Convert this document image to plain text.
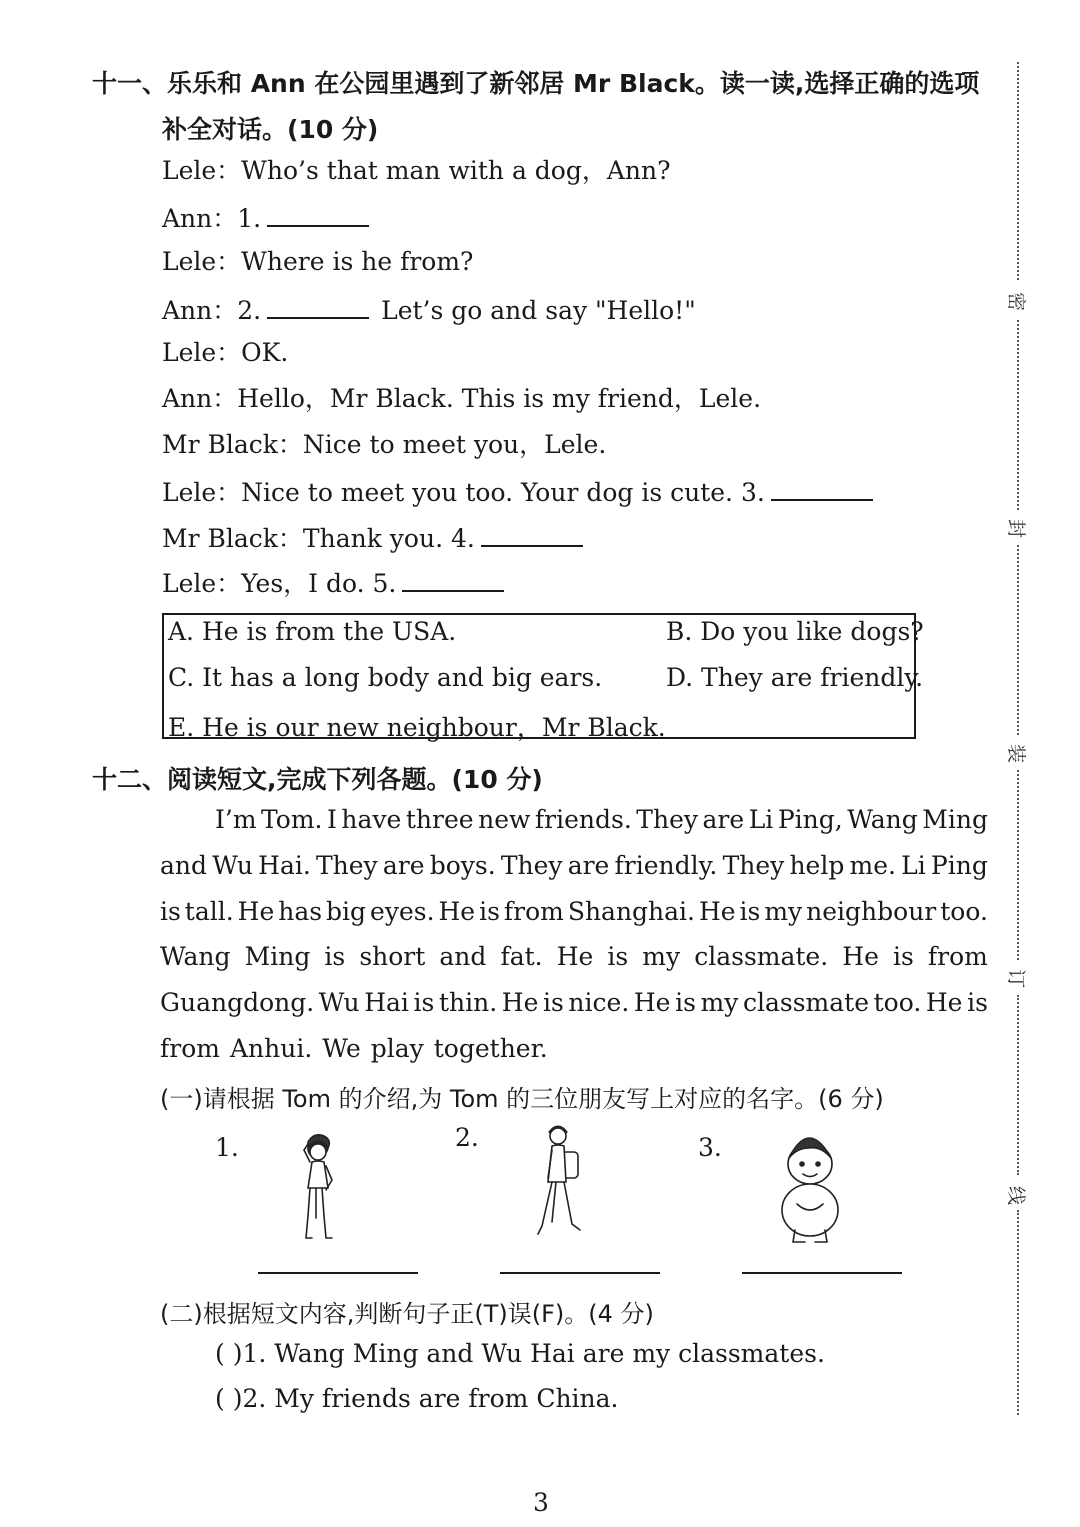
十一、乐乐和 Ann 在公园里遇到了新邻居 Mr Black。读一读,选择正确的选项
补全对话。(10 分)
Lele：Who’s that man with a dog，Ann?
Ann：1.
Lele：Where is he from?
Ann：2.	Let’s go and say "Hello!"
Lele：OK.
Ann：Hello，Mr Black. This is my friend，Lele.
Mr Black：Nice to meet you，Lele.
Lele：Nice to meet you too. Your dog is cute. 3.
Mr Black：Thank you. 4.
Lele：Yes，I do. 5.
A. He is from the USA.	B. Do you like dogs?
C. It has a long body and big ears.	D. They are friendly.
E. He is our new neighbour，Mr Black.
十二、阅读短文,完成下列各题。(10 分)
I’m Tom. I have three new friends. They are Li Ping, Wang Ming
and Wu Hai. They are boys. They are friendly. They help me. Li Ping
is tall. He has big eyes. He is from Shanghai. He is my neighbour too.
Wang Ming is short and fat. He is my classmate. He is from
Guangdong. Wu Hai is thin. He is nice. He is my classmate too. He is
from Anhui. We play together.
(一)请根据 Tom 的介绍,为 Tom 的三位朋友写上对应的名字。(6 分)
1.	2.	3.
(二)根据短文内容,判断句子正(T)误(F)。(4 分)
( )1. Wang Ming and Wu Hai are my classmates.
( )2. My friends are from China.
密
封
装
订
线
3
